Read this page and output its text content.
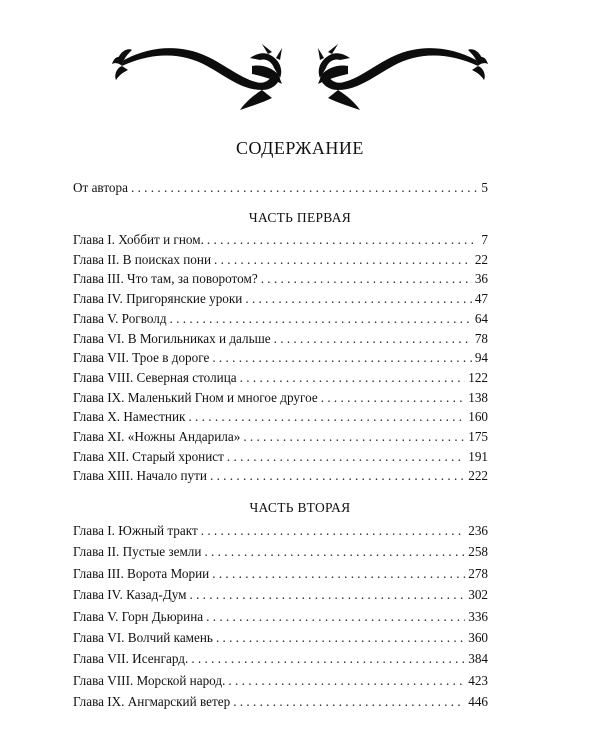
СОДЕРЖАНИЕ
От автора . . .	5
ЧАСТЬ ПЕРВАЯ
Глава I. Хоббит и гном. . . .	7
Глава II. В поисках пони . . .	22
Глава III. Что там, за поворотом? . . .	36
Глава IV. Пригорянские уроки . . .	47
Глава V. Рогволд . . .	64
Глава VI. В Могильниках и дальше . . .	78
Глава VII. Трое в дороге . . .	94
Глава VIII. Северная столица . . .	122
Глава IX. Маленький Гном и многое другое . . .	138
Глава X. Наместник . . .	160
Глава XI. «Ножны Андарила» . . .	175
Глава XII. Старый хронист . . .	191
Глава XIII. Начало пути . . .	222
ЧАСТЬ ВТОРАЯ
Глава I. Южный тракт . . .	236
Глава II. Пустые земли . . .	258
Глава III. Ворота Мории . . .	278
Глава IV. Казад-Дум . . .	302
Глава V. Горн Дьюрина . . .	336
Глава VI. Волчий камень . . .	360
Глава VII. Исенгард. . . .	384
Глава VIII. Морской народ. . . .	423
Глава IX. Ангмарский ветер . . .	446
